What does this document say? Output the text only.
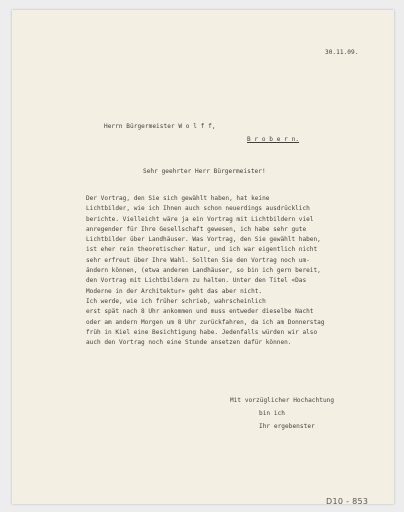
30.11.09.
Herrn Bürgermeister W o l f f,
B r o b e r n.
Sehr geehrter Herr Bürgermeister!
Der Vortrag, den Sie sich gewählt haben, hat keine
Lichtbilder, wie ich Ihnen auch schon neuerdings ausdrücklich
berichte. Vielleicht wäre ja ein Vortrag mit Lichtbildern viel
anregender für Ihre Gesellschaft gewesen, ich habe sehr gute
Lichtbilder über Landhäuser. Was Vortrag, den Sie gewählt haben,
ist eher rein theoretischer Natur, und ich war eigentlich nicht
sehr erfreut über Ihre Wahl. Sollten Sie den Vortrag noch um-
ändern können, (etwa anderen Landhäuser, so bin ich gern bereit,
den Vortrag mit Lichtbildern zu halten. Unter den Titel «Das
Moderne in der Architektur» geht das aber nicht.
Ich werde, wie ich früher schrieb, wahrscheinlich
erst spät nach 8 Uhr ankommen und muss entweder dieselbe Nacht
oder am andern Morgen um 8 Uhr zurückfahren, da ich am Donnerstag
früh in Kiel eine Besichtigung habe. Jedenfalls würden wir also
auch den Vortrag noch eine Stunde ansetzen dafür können.
Mit vorzüglicher Hochachtung
bin ich
Ihr ergebenster
D10 - 853
